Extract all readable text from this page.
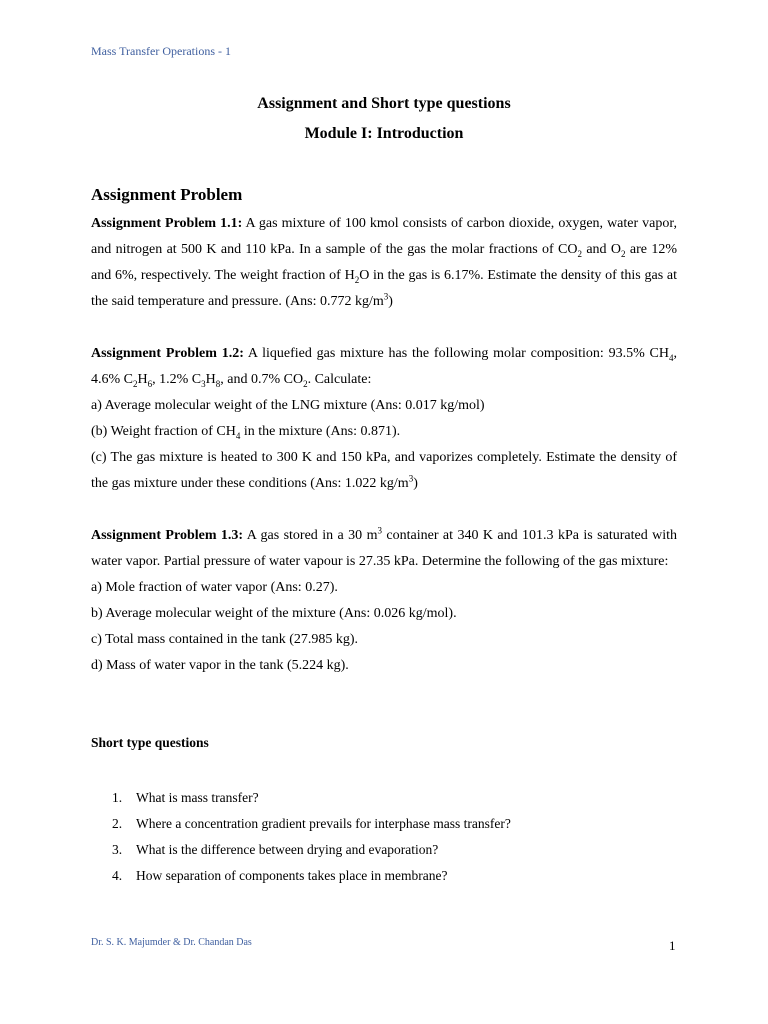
Mass Transfer Operations - 1
Assignment and Short type questions
Module I: Introduction
Assignment Problem
Assignment Problem 1.1: A gas mixture of 100 kmol consists of carbon dioxide, oxygen, water vapor, and nitrogen at 500 K and 110 kPa. In a sample of the gas the molar fractions of $CO_2$ and $O_2$ are 12% and 6%, respectively. The weight fraction of $H_2O$ in the gas is 6.17%. Estimate the density of this gas at the said temperature and pressure. (Ans: 0.772 $kg/m^3$)
Assignment Problem 1.2: A liquefied gas mixture has the following molar composition: 93.5% $CH_4$, 4.6% $C_2H_6$, 1.2% $C_3H_8$, and 0.7% $CO_2$. Calculate:
a) Average molecular weight of the LNG mixture (Ans: 0.017 kg/mol)
(b) Weight fraction of $CH_4$ in the mixture (Ans: 0.871).
(c) The gas mixture is heated to 300 K and 150 kPa, and vaporizes completely. Estimate the density of the gas mixture under these conditions (Ans: 1.022 $kg/m^3$)
Assignment Problem 1.3: A gas stored in a 30 $m^3$ container at 340 K and 101.3 kPa is saturated with water vapor. Partial pressure of water vapour is 27.35 kPa. Determine the following of the gas mixture:
a) Mole fraction of water vapor (Ans: 0.27).
b) Average molecular weight of the mixture (Ans: 0.026 kg/mol).
c) Total mass contained in the tank (27.985 kg).
d) Mass of water vapor in the tank (5.224 kg).
Short type questions
1.	What is mass transfer?
2.	Where a concentration gradient prevails for interphase mass transfer?
3.	What is the difference between drying and evaporation?
4.	How separation of components takes place in membrane?
Dr. S. K. Majumder & Dr. Chandan Das	1
